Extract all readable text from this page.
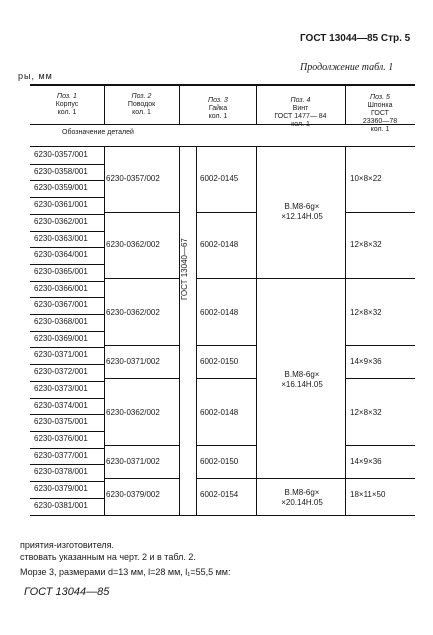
ГОСТ 13044—85 Стр. 5
Продолжение табл. 1
ры, мм
Поз. 1
Корпус
кол. 1
Поз. 2
Поводок
кол. 1
Поз. 3
Гайка
кол. 1

Поз. 4
Винт
ГОСТ 1477— 84
кол. 1

Поз. 5
Шпонка
ГОСТ
23360—78
кол. 1

Обозначение деталей
6230-0357/001
6230-0358/001
6230-0359/001
6230-0361/001
6230-0362/001
6230-0363/001
6230-0364/001
6230-0365/001
6230-0366/001
6230-0367/001
6230-0368/001
6230-0369/001
6230-0371/001
6230-0372/001
6230-0373/001
6230-0374/001
6230-0375/001
6230-0376/001
6230-0377/001
6230-0378/001
6230-0379/001
6230-0381/001
6230-0357/002
6230-0362/002
6230-0362/002
6230-0371/002
6230-0362/002
6230-0371/002
6230-0379/002
6002-0145
6002-0148
6002-0148
6002-0150
6002-0148
6002-0150
6002-0154
В.М8-6g×
×12.14Н.05
В.М8-6g×
×16.14Н.05
В.М8-6g×
×20.14Н.05
10×8×22
12×8×32
12×8×32
14×9×36
12×8×32
14×9×36
18×11×50
ГОСТ 13040—67
приятия-изготовителя.
ствовать указанным на черт. 2 и в табл. 2.
Морзе 3, размерами d=13 мм, l=28 мм, l₁=55,5 мм:
ГОСТ 13044—85
